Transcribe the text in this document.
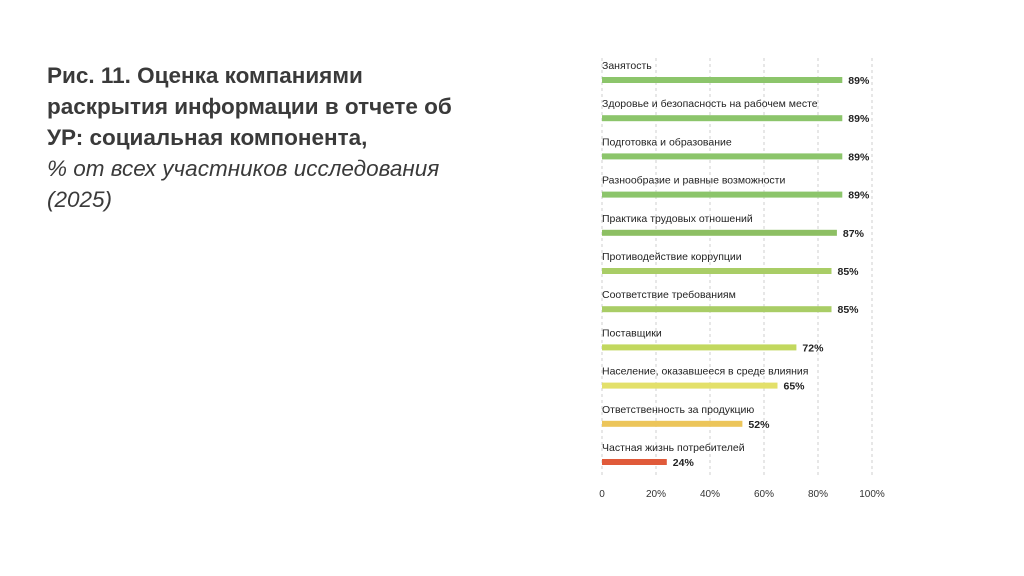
Рис. 11. Оценка компаниями раскрытия информации в отчете об УР: социальная компонента,
% от всех участников исследования (2025)
0	20%	40%	60%	80%	100%
Занятость
89%
Здоровье и безопасность на рабочем месте
89%
Подготовка и образование
89%
Разнообразие и равные возможности
89%
Практика трудовых отношений
87%
Противодействие коррупции
85%
Соответствие требованиям
85%
Поставщики
72%
Население, оказавшееся в среде влияния
65%
Ответственность за продукцию
52%
Частная жизнь потребителей
24%
